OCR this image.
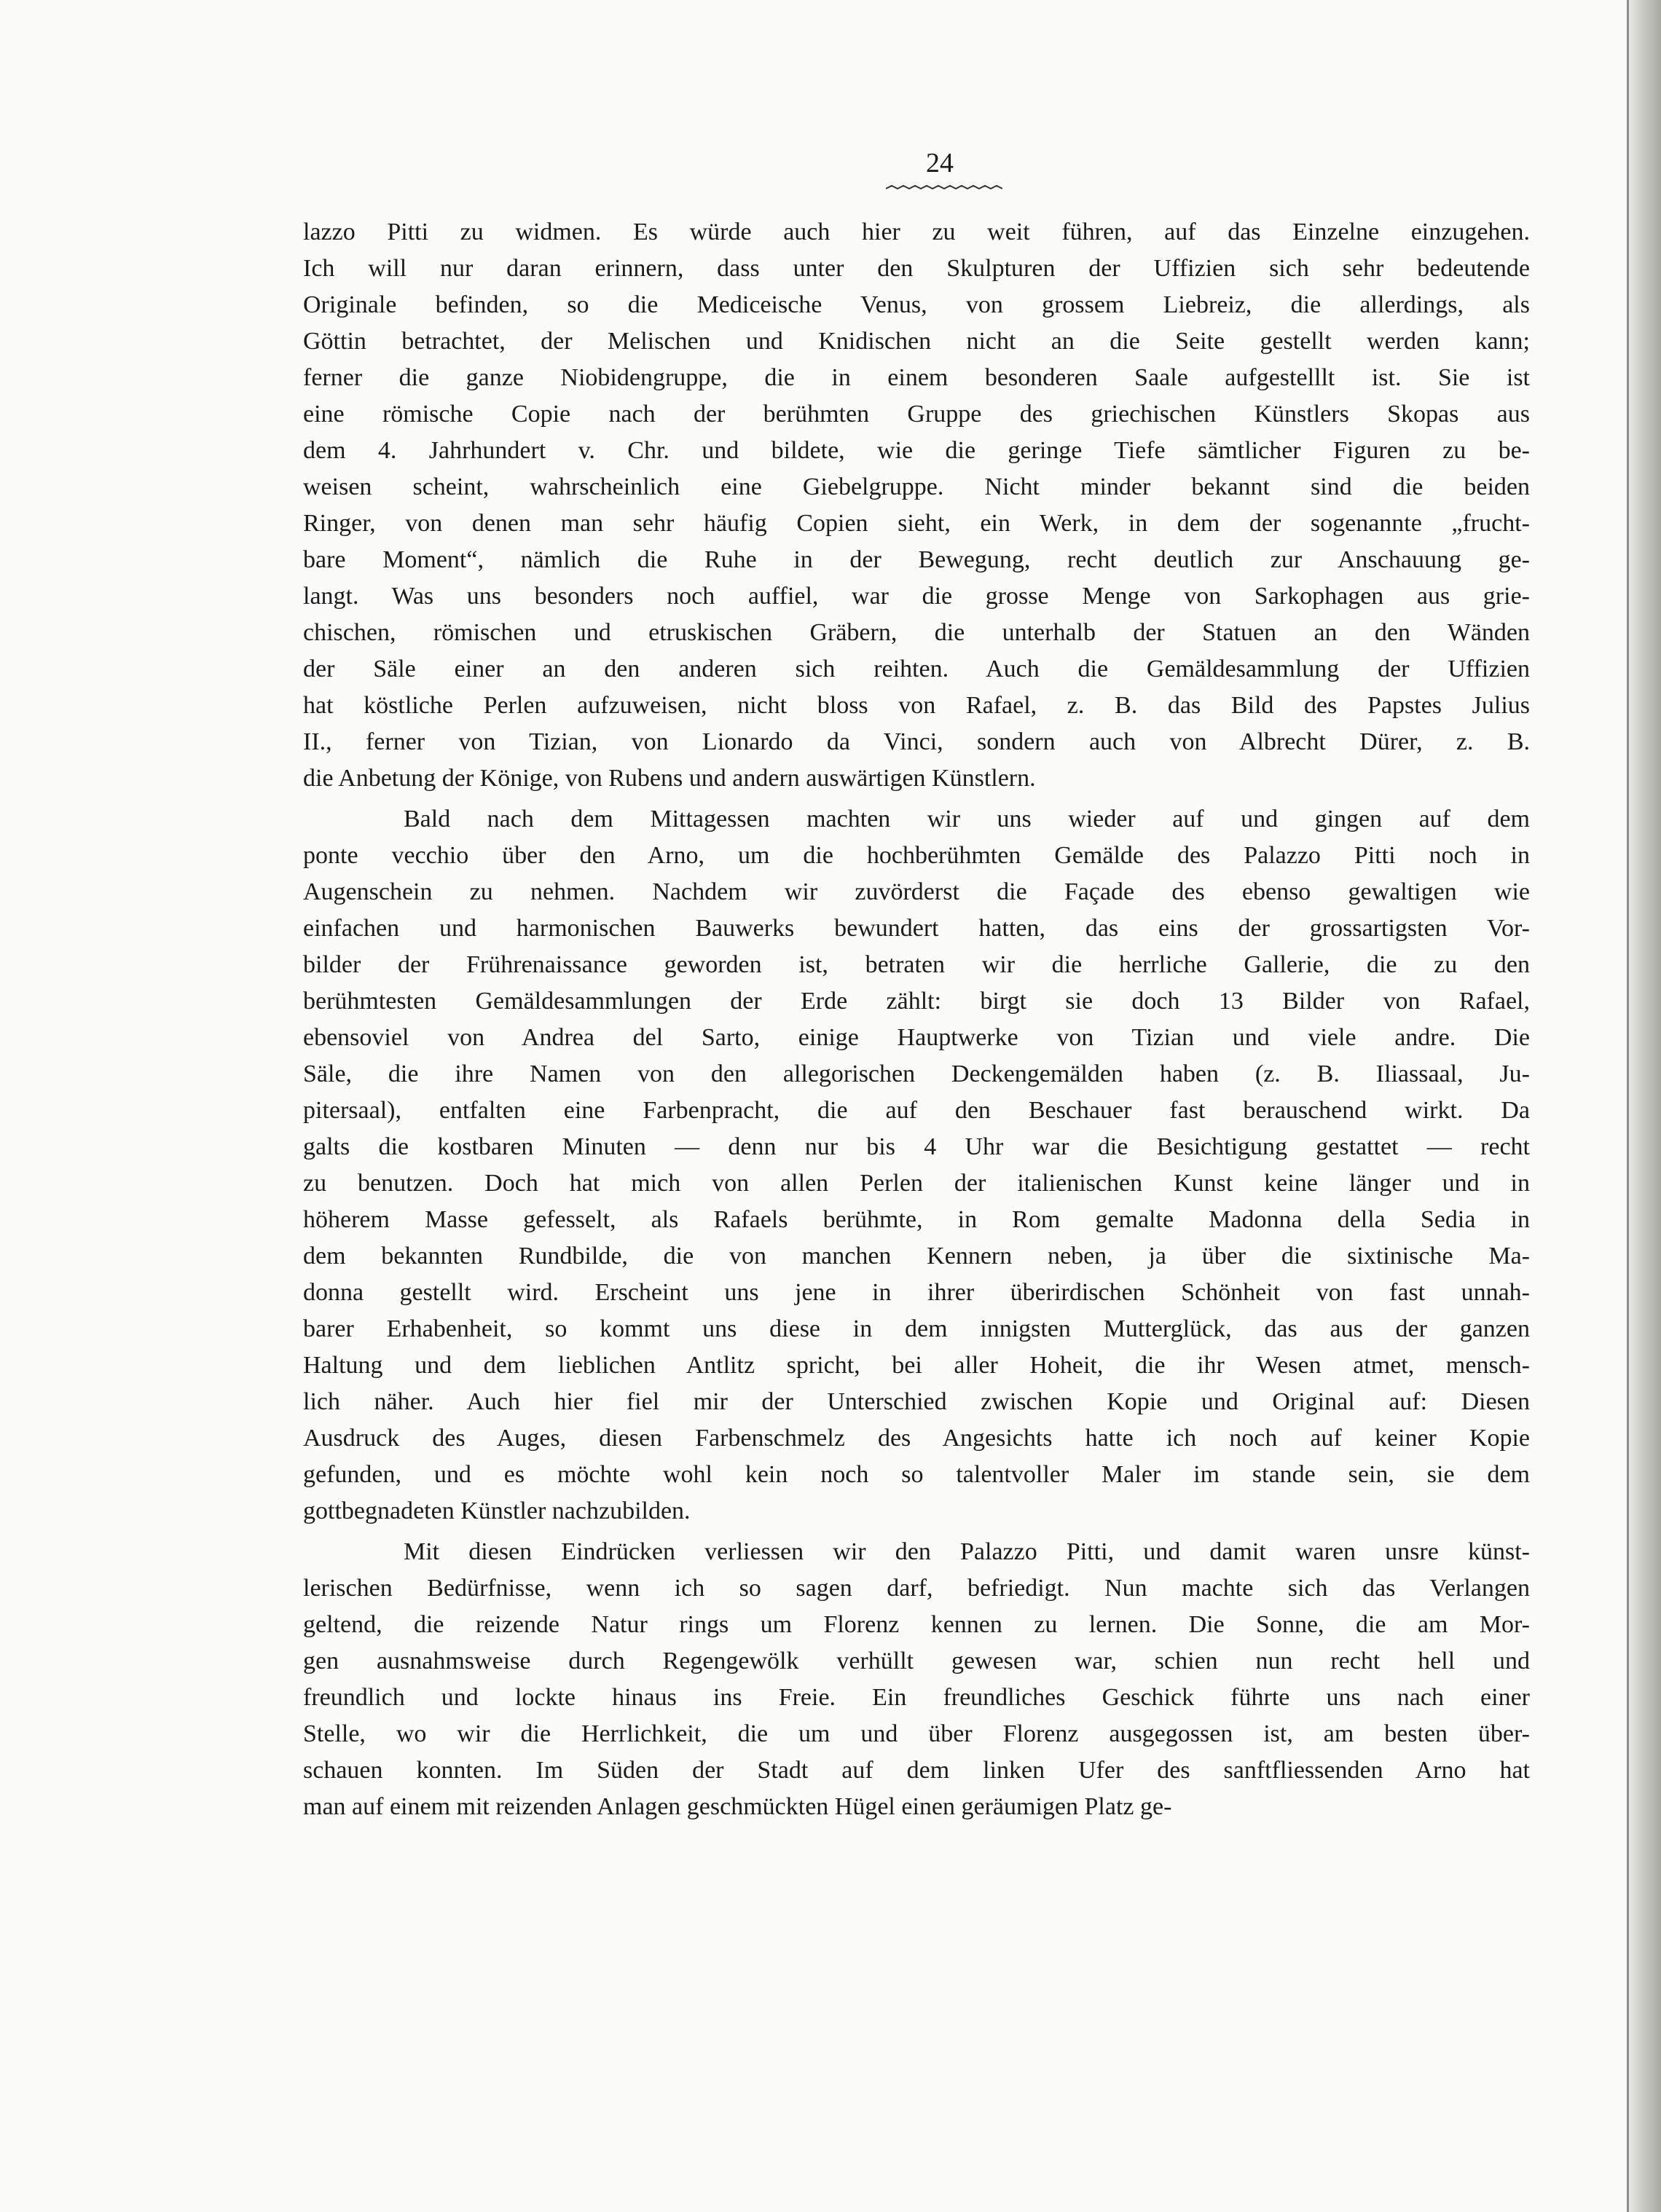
24
lazzo Pitti zu widmen. Es würde auch hier zu weit führen, auf das Einzelne einzugehen.
Ich will nur daran erinnern, dass unter den Skulpturen der Uffizien sich sehr bedeutende
Originale befinden, so die Mediceische Venus, von grossem Liebreiz, die allerdings, als
Göttin betrachtet, der Melischen und Knidischen nicht an die Seite gestellt werden kann;
ferner die ganze Niobidengruppe, die in einem besonderen Saale aufgestelllt ist. Sie ist
eine römische Copie nach der berühmten Gruppe des griechischen Künstlers Skopas aus
dem 4. Jahrhundert v. Chr. und bildete, wie die geringe Tiefe sämtlicher Figuren zu be-
weisen scheint, wahrscheinlich eine Giebelgruppe. Nicht minder bekannt sind die beiden
Ringer, von denen man sehr häufig Copien sieht, ein Werk, in dem der sogenannte „frucht-
bare Moment“, nämlich die Ruhe in der Bewegung, recht deutlich zur Anschauung ge-
langt. Was uns besonders noch auffiel, war die grosse Menge von Sarkophagen aus grie-
chischen, römischen und etruskischen Gräbern, die unterhalb der Statuen an den Wänden
der Säle einer an den anderen sich reihten. Auch die Gemäldesammlung der Uffizien
hat köstliche Perlen aufzuweisen, nicht bloss von Rafael, z. B. das Bild des Papstes Julius
II., ferner von Tizian, von Lionardo da Vinci, sondern auch von Albrecht Dürer, z. B.
die Anbetung der Könige, von Rubens und andern auswärtigen Künstlern.
Bald nach dem Mittagessen machten wir uns wieder auf und gingen auf dem
ponte vecchio über den Arno, um die hochberühmten Gemälde des Palazzo Pitti noch in
Augenschein zu nehmen. Nachdem wir zuvörderst die Façade des ebenso gewaltigen wie
einfachen und harmonischen Bauwerks bewundert hatten, das eins der grossartigsten Vor-
bilder der Frührenaissance geworden ist, betraten wir die herrliche Gallerie, die zu den
berühmtesten Gemäldesammlungen der Erde zählt: birgt sie doch 13 Bilder von Rafael,
ebensoviel von Andrea del Sarto, einige Hauptwerke von Tizian und viele andre. Die
Säle, die ihre Namen von den allegorischen Deckengemälden haben (z. B. Iliassaal, Ju-
pitersaal), entfalten eine Farbenpracht, die auf den Beschauer fast berauschend wirkt. Da
galts die kostbaren Minuten — denn nur bis 4 Uhr war die Besichtigung gestattet — recht
zu benutzen. Doch hat mich von allen Perlen der italienischen Kunst keine länger und in
höherem Masse gefesselt, als Rafaels berühmte, in Rom gemalte Madonna della Sedia in
dem bekannten Rundbilde, die von manchen Kennern neben, ja über die sixtinische Ma-
donna gestellt wird. Erscheint uns jene in ihrer überirdischen Schönheit von fast unnah-
barer Erhabenheit, so kommt uns diese in dem innigsten Mutterglück, das aus der ganzen
Haltung und dem lieblichen Antlitz spricht, bei aller Hoheit, die ihr Wesen atmet, mensch-
lich näher. Auch hier fiel mir der Unterschied zwischen Kopie und Original auf: Diesen
Ausdruck des Auges, diesen Farbenschmelz des Angesichts hatte ich noch auf keiner Kopie
gefunden, und es möchte wohl kein noch so talentvoller Maler im stande sein, sie dem
gottbegnadeten Künstler nachzubilden.
Mit diesen Eindrücken verliessen wir den Palazzo Pitti, und damit waren unsre künst-
lerischen Bedürfnisse, wenn ich so sagen darf, befriedigt. Nun machte sich das Verlangen
geltend, die reizende Natur rings um Florenz kennen zu lernen. Die Sonne, die am Mor-
gen ausnahmsweise durch Regengewölk verhüllt gewesen war, schien nun recht hell und
freundlich und lockte hinaus ins Freie. Ein freundliches Geschick führte uns nach einer
Stelle, wo wir die Herrlichkeit, die um und über Florenz ausgegossen ist, am besten über-
schauen konnten. Im Süden der Stadt auf dem linken Ufer des sanftfliessenden Arno hat
man auf einem mit reizenden Anlagen geschmückten Hügel einen geräumigen Platz ge-
